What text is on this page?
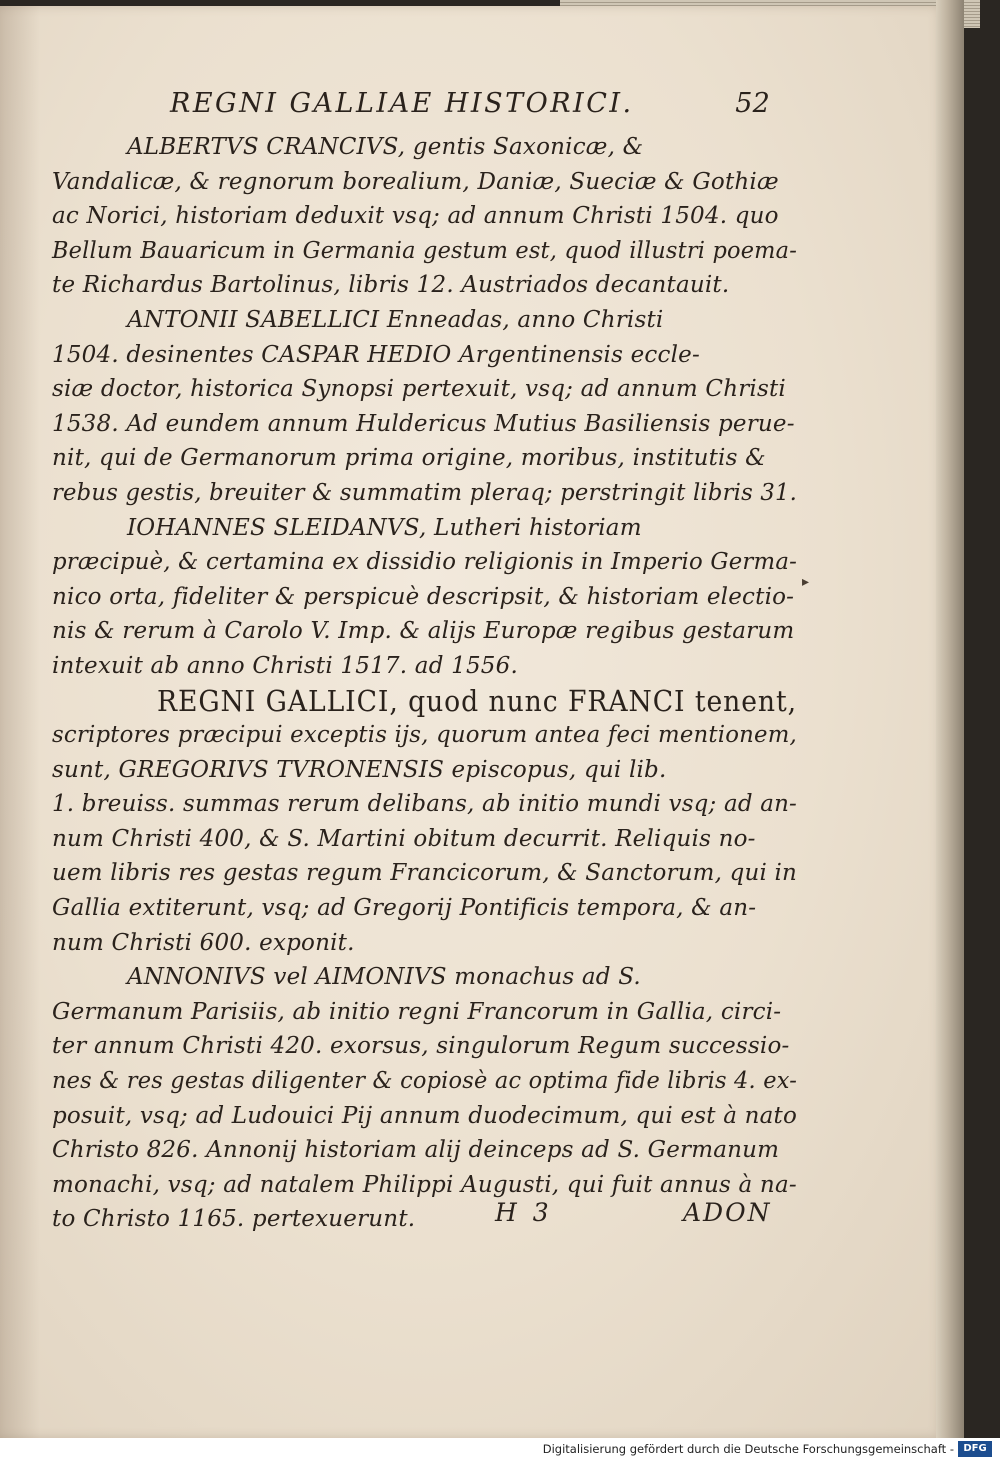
REGNI GALLIAE HISTORICI.	52
ALBERTVS CRANCIVS, gentis Saxonicæ, &
Vandalicæ, & regnorum borealium, Daniæ, Sueciæ & Gothiæ
ac Norici, historiam deduxit vsq; ad annum Christi 1504. quo
Bellum Bauaricum in Germania gestum est, quod illustri poema-
te Richardus Bartolinus, libris 12. Austriados decantauit.
ANTONII SABELLICI Enneadas, anno Christi
1504. desinentes CASPAR HEDIO Argentinensis eccle-
siæ doctor, historica Synopsi pertexuit, vsq; ad annum Christi
1538. Ad eundem annum Huldericus Mutius Basiliensis perue-
nit, qui de Germanorum prima origine, moribus, institutis &
rebus gestis, breuiter & summatim pleraq; perstringit libris 31.
IOHANNES SLEIDANVS, Lutheri historiam
præcipuè, & certamina ex dissidio religionis in Imperio Germa-
nico orta, fideliter & perspicuè descripsit, & historiam electio-
nis & rerum à Carolo V. Imp. & alijs Europæ regibus gestarum
intexuit ab anno Christi 1517. ad 1556.
REGNI GALLICI, quod nunc FRANCI tenent,
scriptores præcipui exceptis ijs, quorum antea feci mentionem,
sunt, GREGORIVS TVRONENSIS episcopus, qui lib.
1. breuiss. summas rerum delibans, ab initio mundi vsq; ad an-
num Christi 400, & S. Martini obitum decurrit. Reliquis no-
uem libris res gestas regum Francicorum, & Sanctorum, qui in
Gallia extiterunt, vsq; ad Gregorij Pontificis tempora, & an-
num Christi 600. exponit.
ANNONIVS vel AIMONIVS monachus ad S.
Germanum Parisiis, ab initio regni Francorum in Gallia, circi-
ter annum Christi 420. exorsus, singulorum Regum successio-
nes & res gestas diligenter & copiosè ac optima fide libris 4. ex-
posuit, vsq; ad Ludouici Pij annum duodecimum, qui est à nato
Christo 826. Annonij historiam alij deinceps ad S. Germanum
monachi, vsq; ad natalem Philippi Augusti, qui fuit annus à na-
to Christo 1165. pertexuerunt.
▸
H 3	ADON
Digitalisierung gefördert durch die Deutsche Forschungsgemeinschaft - DFG
